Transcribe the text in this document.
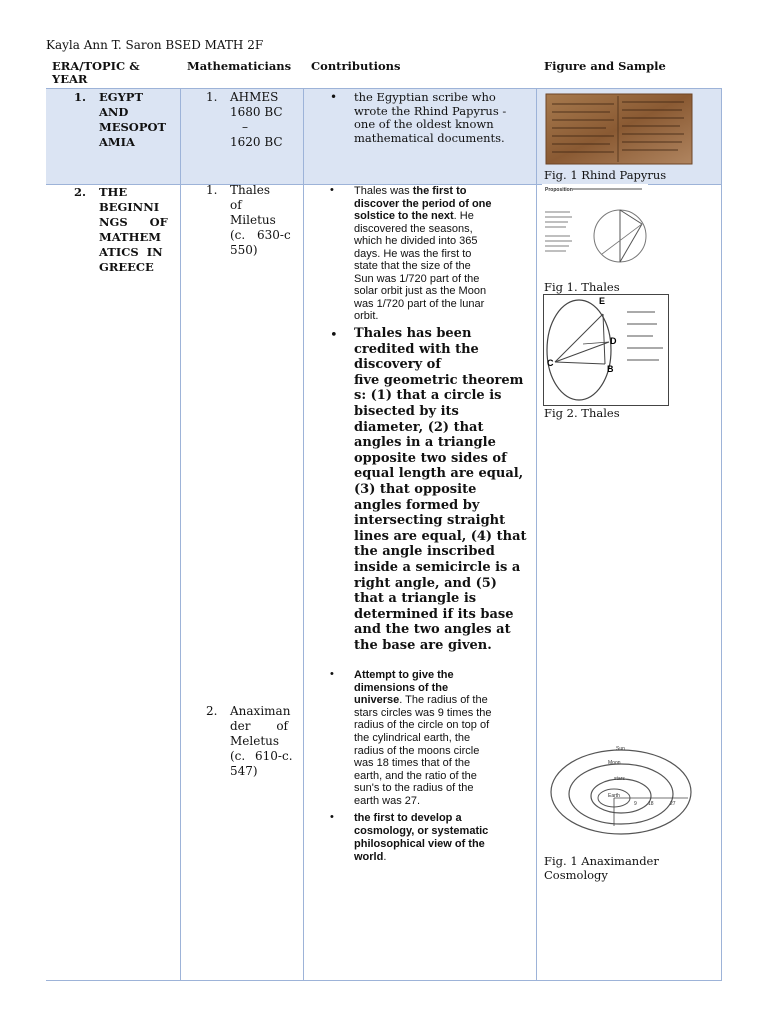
Kayla Ann T. Saron BSED MATH 2F
ERA/TOPIC &
YEAR
Mathematicians Contributions	Figure and Sample
1. EGYPT
AND
MESOPOT
AMIA
1. AHMES
1680 BC
–
1620 BC
• the Egyptian scribe who
wrote the Rhind Papyrus -
one of the oldest known
mathematical documents.
Fig. 1 Rhind Papyrus
2. THE
BEGINNI
NGS OF
MATHEM
ATICS IN
GREECE
1. Thales of
Miletus
(c. 630-c
550)
2. Anaximan
der of
Meletus
(c. 610-c.
547)
• Thales was the first to
discover the period of one
solstice to the next. He
discovered the seasons,
which he divided into 365
days. He was the first to
state that the size of the
Sun was 1/720 part of the
solar orbit just as the Moon
was 1/720 part of the lunar
orbit.
• Thales has been
credited with the
discovery of
five geometric theorem
s: (1) that a circle is
bisected by its
diameter, (2) that
angles in a triangle
opposite two sides of
equal length are equal,
(3) that opposite
angles formed by
intersecting straight
lines are equal, (4) that
the angle inscribed
inside a semicircle is a
right angle, and (5)
that a triangle is
determined if its base
and the two angles at
the base are given.
• Attempt to give the
dimensions of the
universe. The radius of the
stars circles was 9 times the
radius of the circle on top of
the cylindrical earth, the
radius of the moons circle
was 18 times that of the
earth, and the ratio of the
sun's to the radius of the
earth was 27.
• the first to develop a
cosmology, or systematic
philosophical view of the
world.
Proposition
Fig 1. Thales
E
D
C
B
Fig 2. Thales
Sun
Moon
stars
Earth
27
18
9
Fig. 1 Anaximander
Cosmology
